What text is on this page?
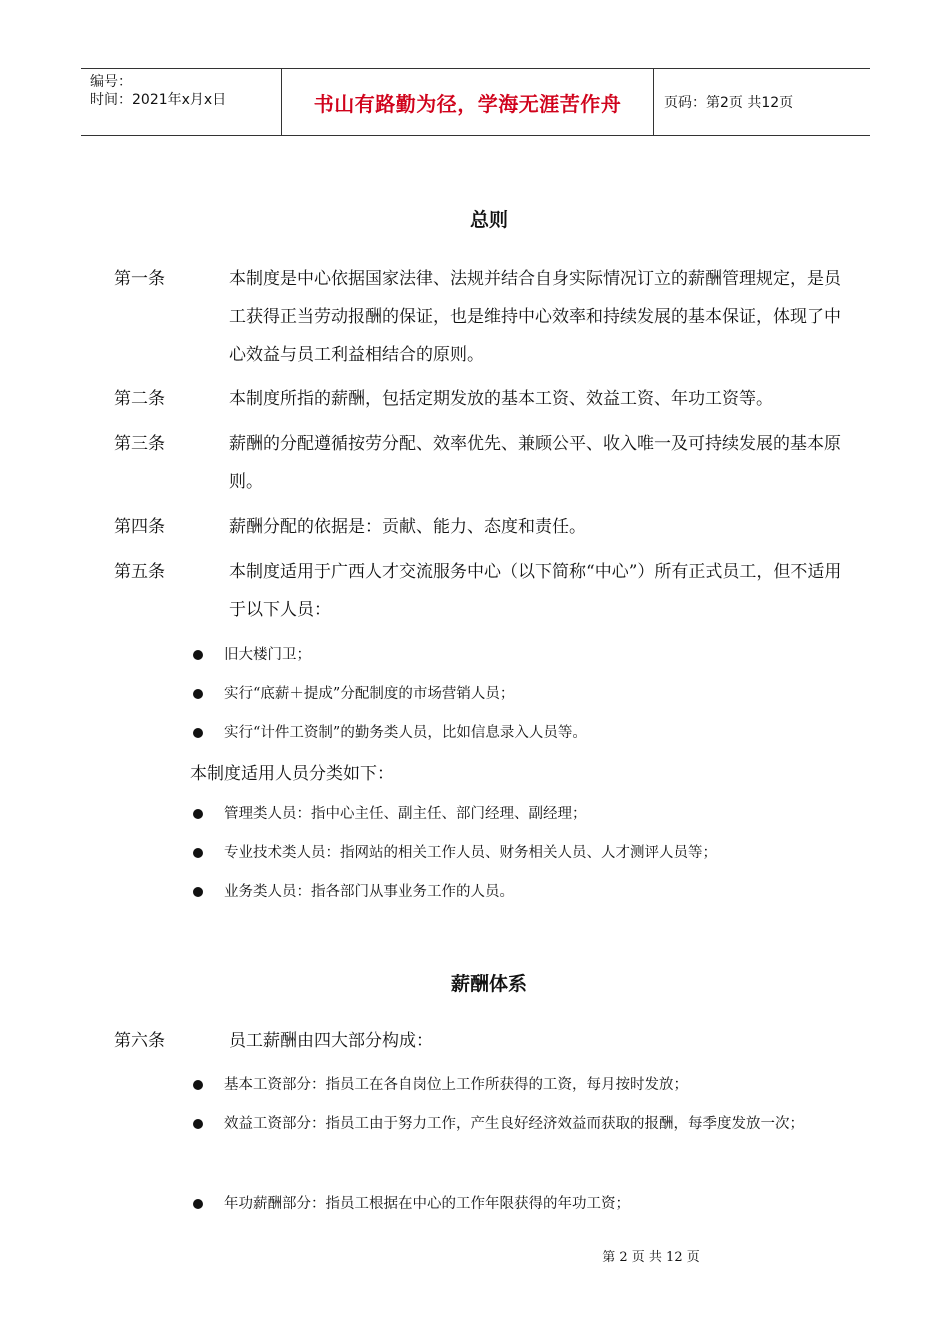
编号：
时间：2021年x月x日	书山有路勤为径，学海无涯苦作舟	页码：第2页 共12页
总则
第一条	本制度是中心依据国家法律、法规并结合自身实际情况订立的薪酬管理规定，是员工获得正当劳动报酬的保证，也是维持中心效率和持续发展的基本保证，体现了中心效益与员工利益相结合的原则。
第二条	本制度所指的薪酬，包括定期发放的基本工资、效益工资、年功工资等。
第三条	薪酬的分配遵循按劳分配、效率优先、兼顾公平、收入唯一及可持续发展的基本原则。
第四条	薪酬分配的依据是：贡献、能力、态度和责任。
第五条	本制度适用于广西人才交流服务中心（以下简称“中心”）所有正式员工，但不适用于以下人员：
旧大楼门卫；
实行“底薪＋提成”分配制度的市场营销人员；
实行“计件工资制”的勤务类人员，比如信息录入人员等。
本制度适用人员分类如下：
管理类人员：指中心主任、副主任、部门经理、副经理；
专业技术类人员：指网站的相关工作人员、财务相关人员、人才测评人员等；
业务类人员：指各部门从事业务工作的人员。
薪酬体系
第六条	员工薪酬由四大部分构成：
基本工资部分：指员工在各自岗位上工作所获得的工资，每月按时发放；
效益工资部分：指员工由于努力工作，产生良好经济效益而获取的报酬，每季度发放一次；
年功薪酬部分：指员工根据在中心的工作年限获得的年功工资；
第 2 页 共 12 页
